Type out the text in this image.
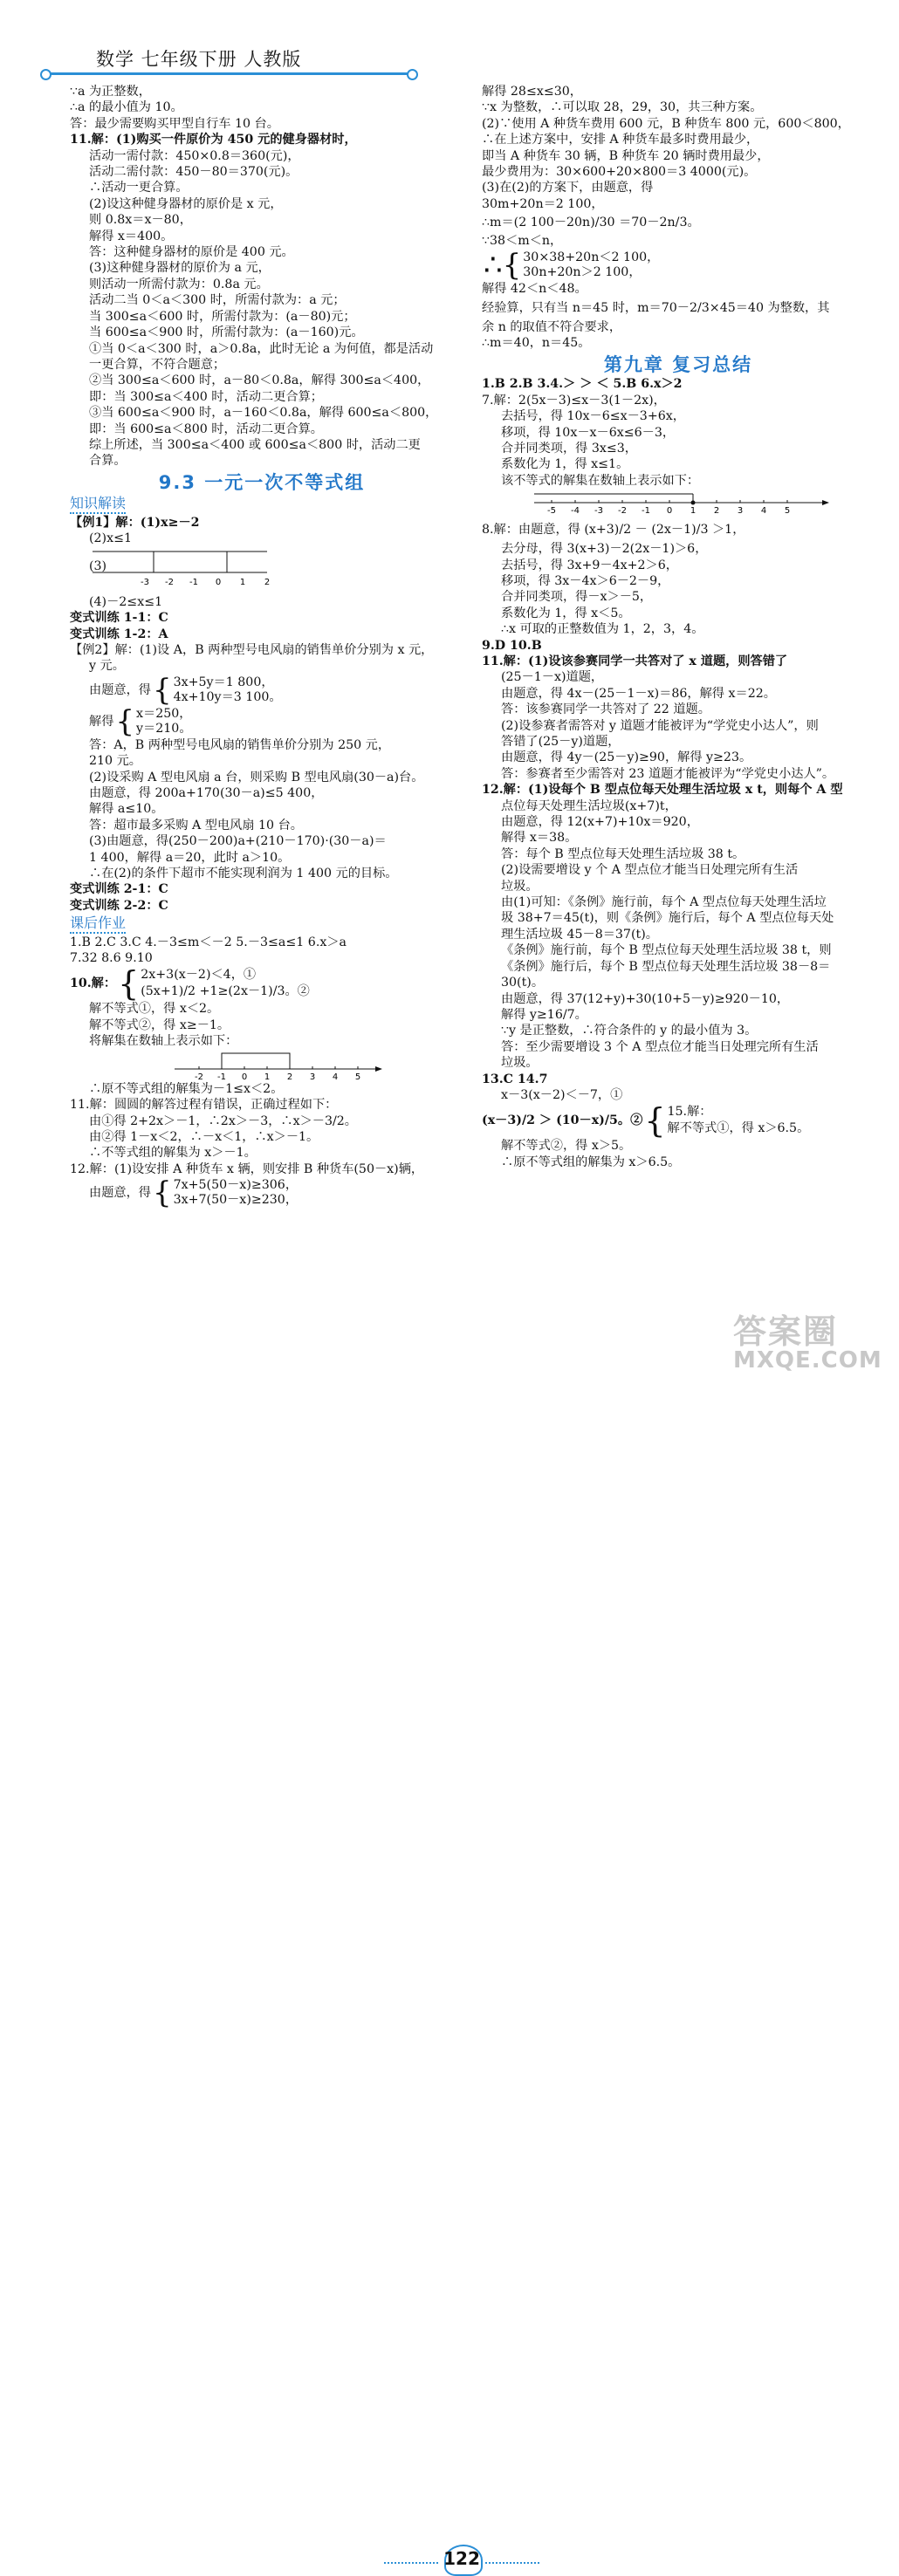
数学 七年级下册 人教版
∵a 为正整数，
∴a 的最小值为 10。
答：最少需要购买甲型自行车 10 台。
11.解：(1)购买一件原价为 450 元的健身器材时，
活动一需付款：450×0.8＝360(元)，
活动二需付款：450－80＝370(元)。
∴活动一更合算。
(2)设这种健身器材的原价是 x 元，
则 0.8x＝x－80，
解得 x＝400。
答：这种健身器材的原价是 400 元。
(3)这种健身器材的原价为 a 元，
则活动一所需付款为：0.8a 元。
活动二当 0＜a＜300 时，所需付款为：a 元；
当 300≤a＜600 时，所需付款为：(a－80)元；
当 600≤a＜900 时，所需付款为：(a－160)元。
①当 0＜a＜300 时，a＞0.8a，此时无论 a 为何值，都是活动
一更合算，不符合题意；
②当 300≤a＜600 时，a－80＜0.8a，解得 300≤a＜400，
即：当 300≤a＜400 时，活动二更合算；
③当 600≤a＜900 时，a－160＜0.8a，解得 600≤a＜800，
即：当 600≤a＜800 时，活动二更合算。
综上所述，当 300≤a＜400 或 600≤a＜800 时，活动二更
合算。
9.3 一元一次不等式组
知识解读
【例1】解：(1)x≥－2
(2)x≤1
(3)
-3 -2 -1 0 1 2
(4)－2≤x≤1
变式训练 1-1：C
变式训练 1-2：A
【例2】解：(1)设 A，B 两种型号电风扇的销售单价分别为 x 元，
y 元。
由题意，得 { 3x+5y＝1 800，
4x+10y＝3 100。
解得 { x＝250，
y＝210。
答：A，B 两种型号电风扇的销售单价分别为 250 元，
210 元。
(2)设采购 A 型电风扇 a 台，则采购 B 型电风扇(30－a)台。
由题意，得 200a+170(30－a)≤5 400，
解得 a≤10。
答：超市最多采购 A 型电风扇 10 台。
(3)由题意，得(250－200)a+(210－170)·(30－a)＝
1 400，解得 a＝20，此时 a＞10。
∴在(2)的条件下超市不能实现利润为 1 400 元的目标。
变式训练 2-1：C
变式训练 2-2：C
课后作业
1.B 2.C 3.C 4.－3≤m＜－2 5.－3≤a≤1 6.x＞a
7.32 8.6 9.10
10.解： { 2x+3(x－2)＜4，①
(5x+1)/2 +1≥(2x－1)/3。②
解不等式①，得 x＜2。
解不等式②，得 x≥－1。
将解集在数轴上表示如下：
-2 -1 0 1 2 3 4 5
∴原不等式组的解集为－1≤x＜2。
11.解：圆圆的解答过程有错误，正确过程如下：
由①得 2+2x＞－1，∴2x＞－3，∴x＞－3/2。
由②得 1－x＜2，∴－x＜1，∴x＞－1。
∴不等式组的解集为 x＞－1。
12.解：(1)设安排 A 种货车 x 辆，则安排 B 种货车(50－x)辆，
由题意，得 { 7x+5(50－x)≥306，
3x+7(50－x)≥230，
解得 28≤x≤30，
∵x 为整数，∴可以取 28，29，30，共三种方案。
(2)∵使用 A 种货车费用 600 元，B 种货车 800 元，600＜800，
∴在上述方案中，安排 A 种货车最多时费用最少，
即当 A 种货车 30 辆，B 种货车 20 辆时费用最少，
最少费用为：30×600+20×800＝3 4000(元)。
(3)在(2)的方案下，由题意，得
30m+20n＝2 100，
∴m＝(2 100－20n)/30 ＝70－2n/3。
∵38＜m＜n，
∴{ 30×38+20n＜2 100，
30n+20n＞2 100，
解得 42＜n＜48。
经验算，只有当 n＝45 时，m＝70－2/3×45＝40 为整数，其
余 n 的取值不符合要求，
∴m＝40，n＝45。
第九章 复习总结
1.B 2.B 3.4.＞ ＞ ＜ 5.B 6.x＞2
7.解：2(5x－3)≤x－3(1－2x)，
去括号，得 10x－6≤x－3+6x，
移项，得 10x－x－6x≤6－3，
合并同类项，得 3x≤3，
系数化为 1，得 x≤1。
该不等式的解集在数轴上表示如下：
-5 -4 -3 -2 -1 0 1 2 3 4 5
8.解：由题意，得 (x+3)/2 － (2x－1)/3 ＞1，
去分母，得 3(x+3)－2(2x－1)＞6，
去括号，得 3x+9－4x+2＞6，
移项，得 3x－4x＞6－2－9，
合并同类项，得－x＞－5，
系数化为 1，得 x＜5。
∴x 可取的正整数值为 1，2，3，4。
9.D 10.B
11.解：(1)设该参赛同学一共答对了 x 道题，则答错了
(25－1－x)道题，
由题意，得 4x－(25－1－x)＝86，解得 x＝22。
答：该参赛同学一共答对了 22 道题。
(2)设参赛者需答对 y 道题才能被评为“学党史小达人”，则
答错了(25－y)道题，
由题意，得 4y－(25－y)≥90，解得 y≥23。
答：参赛者至少需答对 23 道题才能被评为“学党史小达人”。
12.解：(1)设每个 B 型点位每天处理生活垃圾 x t，则每个 A 型
点位每天处理生活垃圾(x+7)t，
由题意，得 12(x+7)+10x＝920，
解得 x＝38。
答：每个 B 型点位每天处理生活垃圾 38 t。
(2)设需要增设 y 个 A 型点位才能当日处理完所有生活
垃圾。
由(1)可知：《条例》施行前，每个 A 型点位每天处理生活垃
圾 38+7＝45(t)，则《条例》施行后，每个 A 型点位每天处
理生活垃圾 45－8＝37(t)。
《条例》施行前，每个 B 型点位每天处理生活垃圾 38 t，则
《条例》施行后，每个 B 型点位每天处理生活垃圾 38－8＝
30(t)。
由题意，得 37(12+y)+30(10+5－y)≥920－10，
解得 y≥16/7。
∵y 是正整数，∴符合条件的 y 的最小值为 3。
答：至少需要增设 3 个 A 型点位才能当日处理完所有生活
垃圾。
13.C 14.7
x－3(x－2)＜－7，①
(x－3)/2 ＞ (10－x)/5。② { 15.解：
解不等式①，得 x＞6.5。
解不等式②，得 x＞5。
∴原不等式组的解集为 x＞6.5。
122
答案圈
MXQE.COM
